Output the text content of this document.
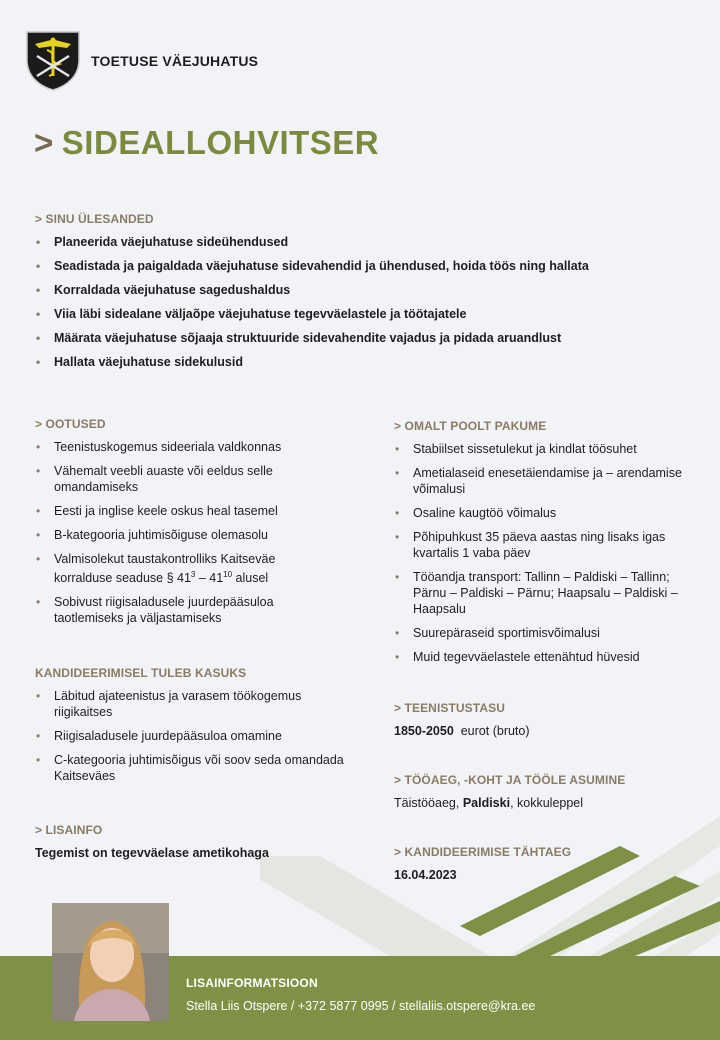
TOETUSE VÄEJUHATUS
> SIDEALLOHVITSER

> SINU ÜLESANDED

• Planeerida väejuhatuse sideühendused
• Seadistada ja paigaldada väejuhatuse sidevahendid ja ühendused, hoida töös ning hallata
• Korraldada väejuhatuse sagedushaldus
• Viia läbi sidealane väljaõpe väejuhatuse tegevväelastele ja töötajatele
• Määrata väejuhatuse sõjaaja struktuuride sidevahendite vajadus ja pidada aruandlust
• Hallata väejuhatuse sidekulusid

> OOTUSED

• Teenistuskogemus sideeriala valdkonnas
• Vähemalt veebli auaste või eeldus selle omandamiseks
• Eesti ja inglise keele oskus heal tasemel
• B-kategooria juhtimisõiguse olemasolu
• Valmisolekut taustakontrolliks Kaitseväe korralduse seaduse § $41^3 - 41^{10}$ alusel
• Sobivust riigisaladusele juurdepääsuloa taotlemiseks ja väljastamiseks

KANDIDEERIMISEL TULEB KASUKS

• Läbitud ajateenistus ja varasem töökogemus riigikaitses
• Riigisaladusele juurdepääsuloa omamine
• C-kategooria juhtimisõigus või soov seda omandada Kaitseväes

> LISAINFO

Tegemist on tegevväelase ametikohaga

> OMALT POOLT PAKUME

• Stabiilset sissetulekut ja kindlat töösuhet
• Ametialaseid enesetäiendamise ja – arendamise võimalusi
• Osaline kaugtöö võimalus
• Põhipuhkust 35 päeva aastas ning lisaks igas kvartalis 1 vaba päev
• Tööandja transport: Tallinn – Paldiski – Tallinn; Pärnu – Paldiski – Pärnu; Haapsalu – Paldiski – Haapsalu
• Suurepäraseid sportimisvõimalusi
• Muid tegevväelastele ettenähtud hüvesid

> TEENISTUSTASU

1850-2050 eurot (bruto)

> TÖÖAEG, -KOHT JA TÖÖLE ASUMINE

Täistööaeg, Paldiski, kokkuleppel

> KANDIDEERIMISE TÄHTAEG

16.04.2023

LISAINFORMATSIOON
Stella Liis Otspere / +372 5877 0995 / stellaliis.otspere@kra.ee
